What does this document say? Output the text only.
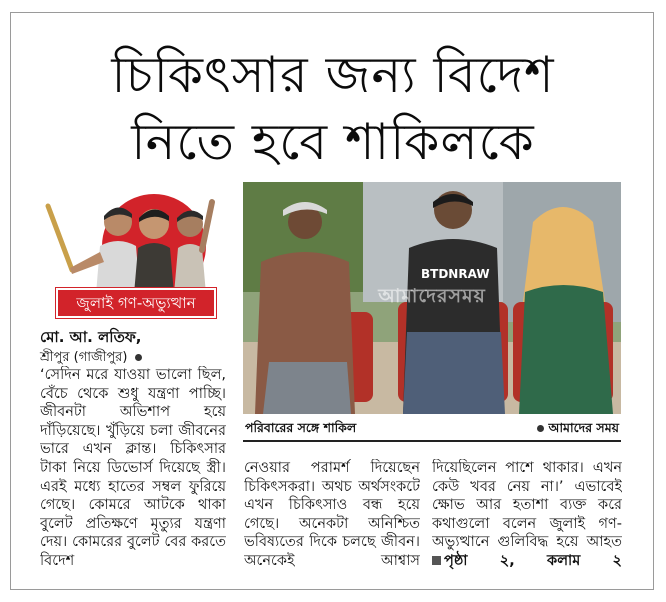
চিকিৎসার জন্য বিদেশ
নিতে হবে শাকিলকে
জুলাই গণ-অভ্যুত্থান
মো. আ. লতিফ,
শ্রীপুর (গাজীপুর)

‘সেদিন মরে যাওয়া ভালো ছিল, বেঁচে থেকে শুধু যন্ত্রণা পাচ্ছি। জীবনটা অভিশাপ হয়ে দাঁড়িয়েছে। খুঁড়িয়ে চলা জীবনের ভারে এখন ক্লান্ত। চিকিৎসার টাকা নিয়ে ডিভোর্স দিয়েছে স্ত্রী। এরই মধ্যে হাতের সম্বল ফুরিয়ে গেছে। কোমরে আটকে থাকা বুলেট প্রতিক্ষণে মৃত্যুর যন্ত্রণা দেয়। কোমরের বুলেট বের করতে বিদেশ

BTDNRAW
আমাদেরসময়
পরিবারের সঙ্গে শাকিল	আমাদের সময়
নেওয়ার পরামর্শ দিয়েছেন চিকিৎসকরা। অথচ অর্থসংকটে এখন চিকিৎসাও বন্ধ হয়ে গেছে। অনেকটা অনিশ্চিত ভবিষ্যতের দিকে চলছে জীবন। অনেকেই আশ্বাস
দিয়েছিলেন পাশে থাকার। এখন কেউ খবর নেয় না।’ এভাবেই ক্ষোভ আর হতাশা ব্যক্ত করে কথাগুলো বলেন জুলাই গণ-অভ্যুত্থানে গুলিবিদ্ধ হয়ে আহত পৃষ্ঠা ২, কলাম ২
